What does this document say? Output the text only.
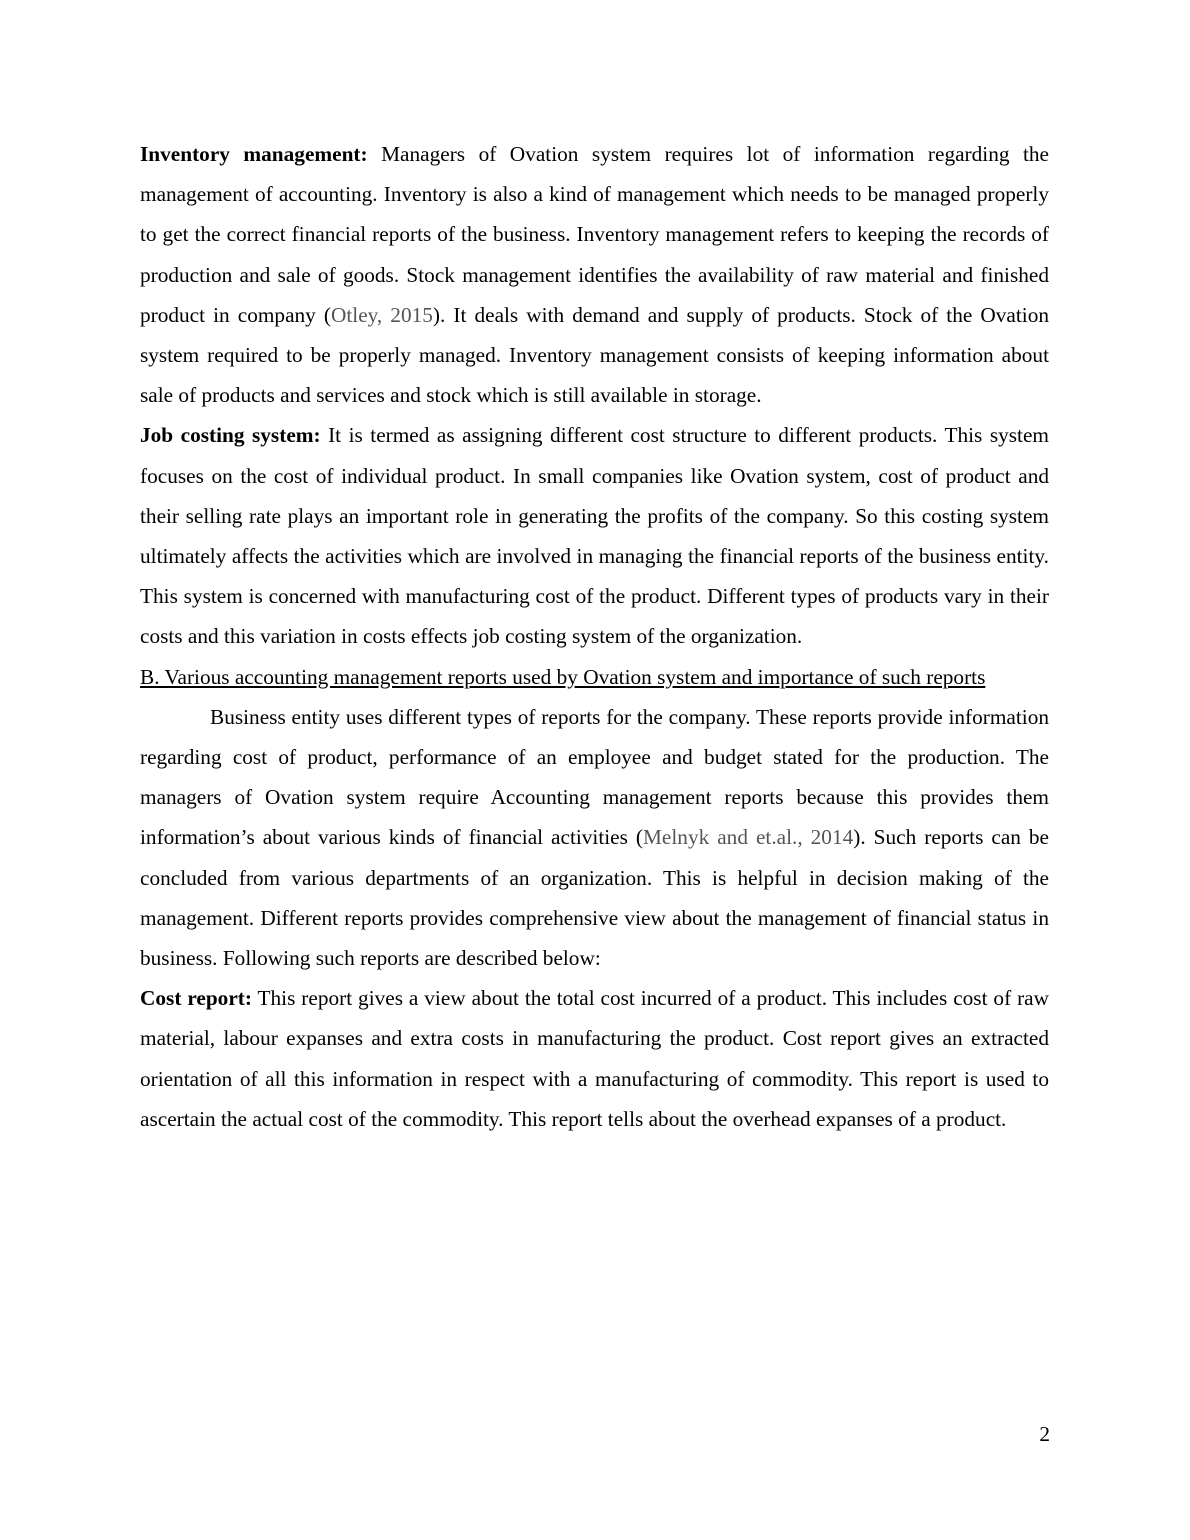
Inventory management: Managers of Ovation system requires lot of information regarding the management of accounting. Inventory is also a kind of management which needs to be managed properly to get the correct financial reports of the business. Inventory management refers to keeping the records of production and sale of goods. Stock management identifies the availability of raw material and finished product in company (Otley, 2015). It deals with demand and supply of products. Stock of the Ovation system required to be properly managed. Inventory management consists of keeping information about sale of products and services and stock which is still available in storage.

Job costing system: It is termed as assigning different cost structure to different products. This system focuses on the cost of individual product. In small companies like Ovation system, cost of product and their selling rate plays an important role in generating the profits of the company. So this costing system ultimately affects the activities which are involved in managing the financial reports of the business entity. This system is concerned with manufacturing cost of the product. Different types of products vary in their costs and this variation in costs effects job costing system of the organization.

B. Various accounting management reports used by Ovation system and importance of such reports

Business entity uses different types of reports for the company. These reports provide information regarding cost of product, performance of an employee and budget stated for the production. The managers of Ovation system require Accounting management reports because this provides them information’s about various kinds of financial activities (Melnyk and et.al., 2014). Such reports can be concluded from various departments of an organization. This is helpful in decision making of the management. Different reports provides comprehensive view about the management of financial status in business. Following such reports are described below:

Cost report: This report gives a view about the total cost incurred of a product. This includes cost of raw material, labour expanses and extra costs in manufacturing the product. Cost report gives an extracted orientation of all this information in respect with a manufacturing of commodity. This report is used to ascertain the actual cost of the commodity. This report tells about the overhead expanses of a product.

2
